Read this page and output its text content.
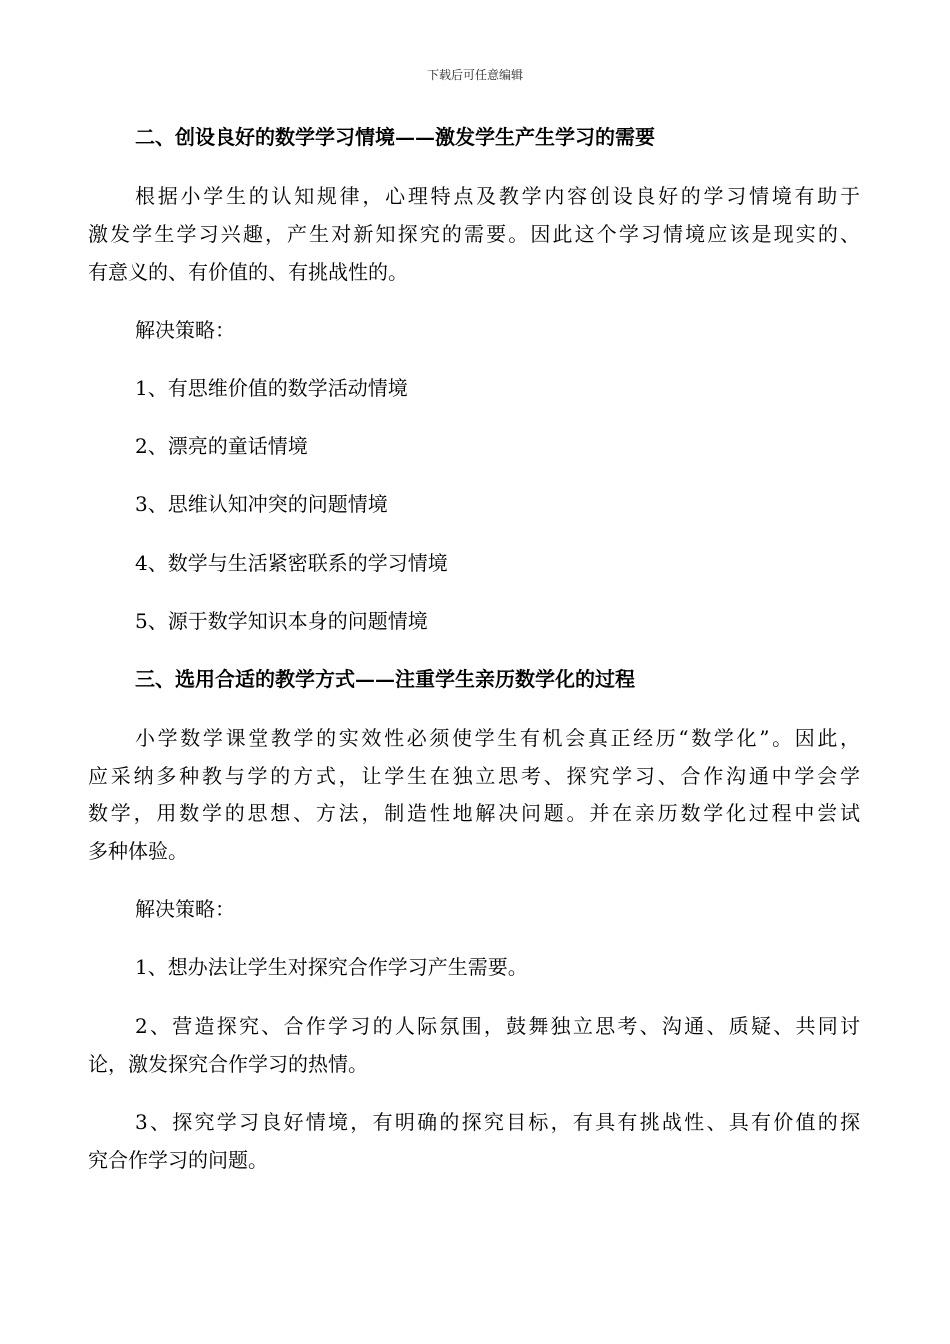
下载后可任意编辑
二、创设良好的数学学习情境——激发学生产生学习的需要
根据小学生的认知规律，心理特点及教学内容创设良好的学习情境有助于
激发学生学习兴趣，产生对新知探究的需要。因此这个学习情境应该是现实的、
有意义的、有价值的、有挑战性的。
解决策略：
1、有思维价值的数学活动情境
2、漂亮的童话情境
3、思维认知冲突的问题情境
4、数学与生活紧密联系的学习情境
5、源于数学知识本身的问题情境
三、选用合适的教学方式——注重学生亲历数学化的过程
小学数学课堂教学的实效性必须使学生有机会真正经历“数学化”。因此，
应采纳多种教与学的方式，让学生在独立思考、探究学习、合作沟通中学会学
数学，用数学的思想、方法，制造性地解决问题。并在亲历数学化过程中尝试
多种体验。
解决策略：
1、想办法让学生对探究合作学习产生需要。
2、营造探究、合作学习的人际氛围，鼓舞独立思考、沟通、质疑、共同讨
论，激发探究合作学习的热情。
3、探究学习良好情境，有明确的探究目标，有具有挑战性、具有价值的探
究合作学习的问题。
